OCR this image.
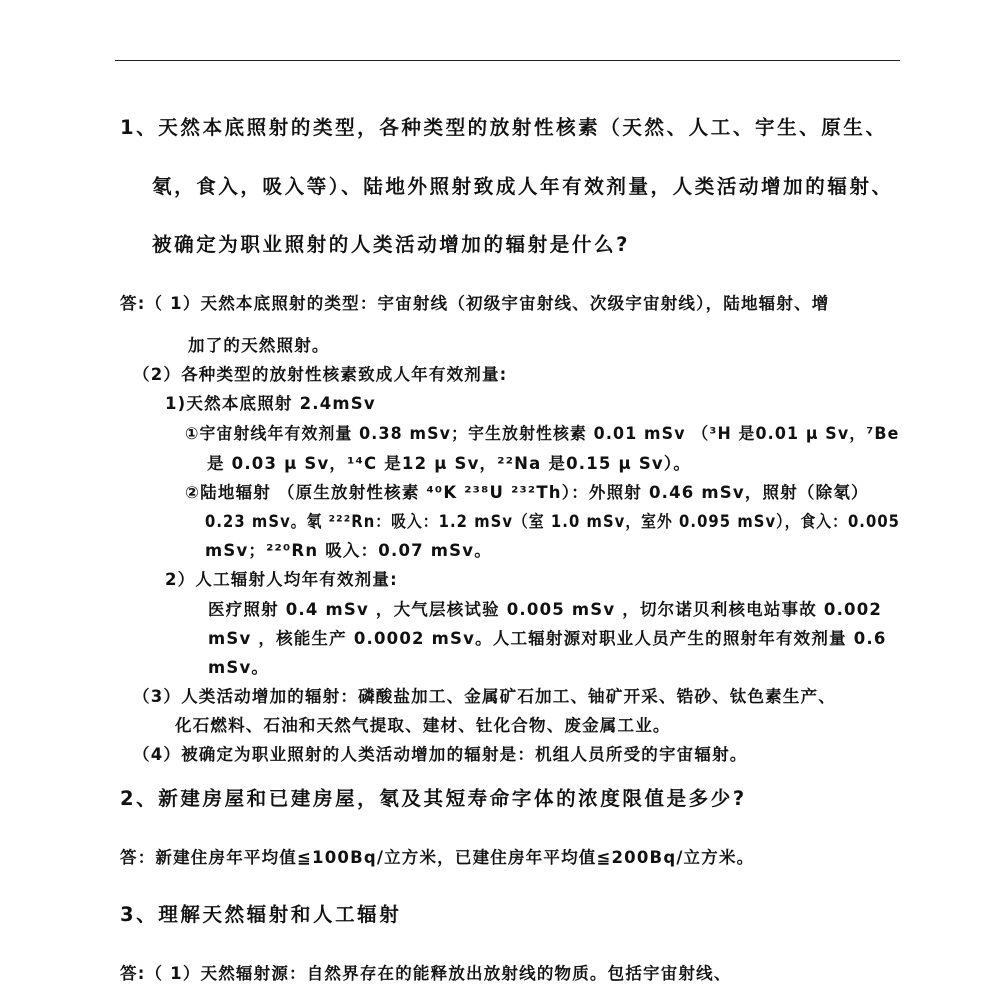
1、天然本底照射的类型，各种类型的放射性核素（天然、人工、宇生、原生、
氡，食入，吸入等）、陆地外照射致成人年有效剂量，人类活动增加的辐射、
被确定为职业照射的人类活动增加的辐射是什么?
答:（ 1）天然本底照射的类型：宇宙射线（初级宇宙射线、次级宇宙射线），陆地辐射、增
加了的天然照射。
（2）各种类型的放射性核素致成人年有效剂量:
1)天然本底照射 2.4mSv
①宇宙射线年有效剂量 0.38 mSv；宇生放射性核素 0.01 mSv （³H 是0.01 μ Sv，⁷Be
是 0.03 μ Sv，¹⁴C 是12 μ Sv，²²Na 是0.15 μ Sv）。
②陆地辐射 （原生放射性核素 ⁴⁰K ²³⁸U ²³²Th）：外照射 0.46 mSv，照射（除氡）
0.23 mSv。氡 ²²²Rn：吸入：1.2 mSv（室 1.0 mSv，室外 0.095 mSv），食入：0.005
mSv；²²⁰Rn 吸入：0.07 mSv。
2）人工辐射人均年有效剂量:
医疗照射 0.4 mSv ，大气层核试验 0.005 mSv ，切尔诺贝利核电站事故 0.002
mSv ，核能生产 0.0002 mSv。人工辐射源对职业人员产生的照射年有效剂量 0.6
mSv。
（3）人类活动增加的辐射：磷酸盐加工、金属矿石加工、铀矿开采、锆砂、钛色素生产、
化石燃料、石油和天然气提取、建材、钍化合物、废金属工业。
（4）被确定为职业照射的人类活动增加的辐射是：机组人员所受的宇宙辐射。
2、新建房屋和已建房屋，氡及其短寿命字体的浓度限值是多少?
答：新建住房年平均值≦100Bq/立方米，已建住房年平均值≦200Bq/立方米。
3、理解天然辐射和人工辐射
答:（ 1）天然辐射源：自然界存在的能释放出放射线的物质。包括宇宙射线、
